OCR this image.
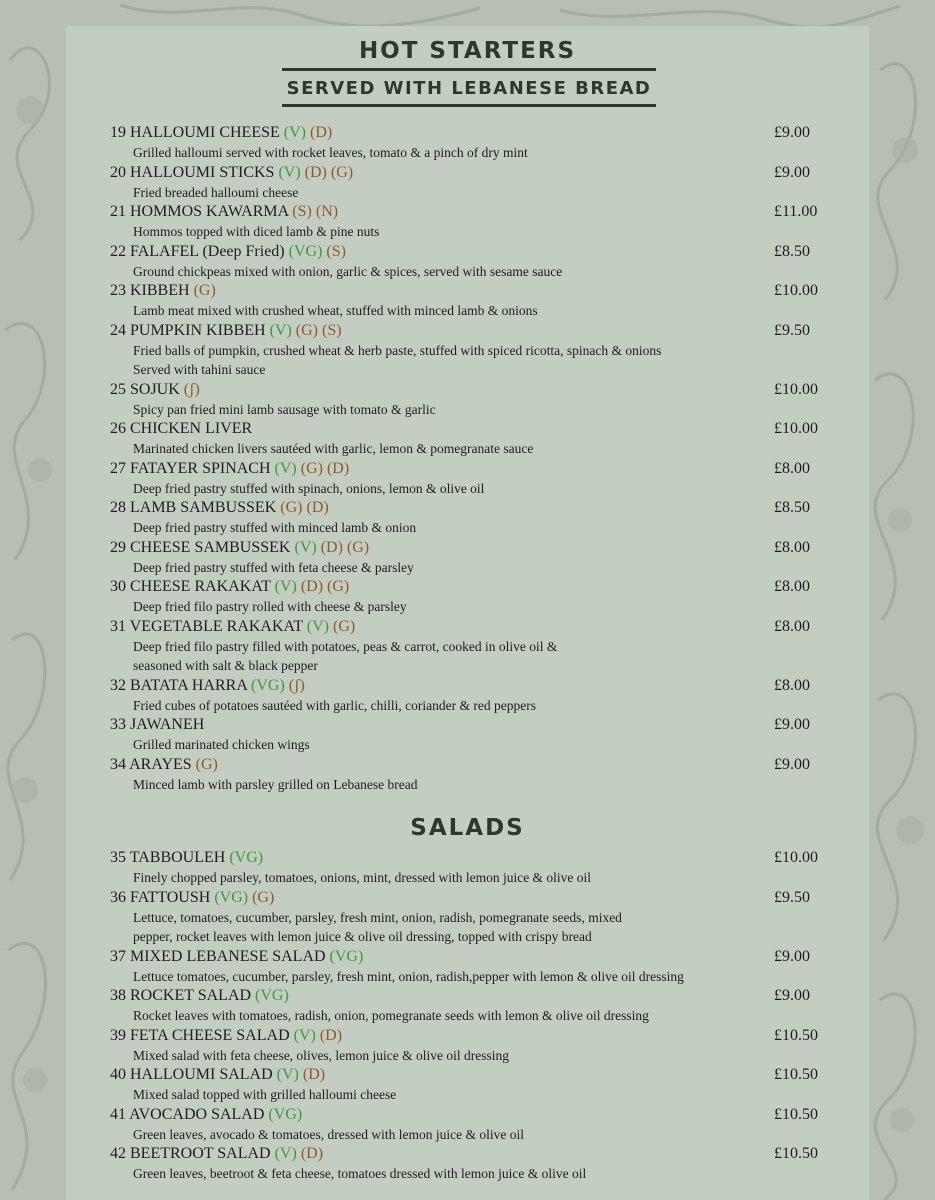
HOT STARTERS
SERVED WITH LEBANESE BREAD
19 HALLOUMI CHEESE (V) (D)	£9.00
Grilled halloumi served with rocket leaves, tomato & a pinch of dry mint
20 HALLOUMI STICKS (V) (D) (G)	£9.00
Fried breaded halloumi cheese
21 HOMMOS KAWARMA (S) (N)	£11.00
Hommos topped with diced lamb & pine nuts
22 FALAFEL (Deep Fried) (VG) (S)	£8.50
Ground chickpeas mixed with onion, garlic & spices, served with sesame sauce
23 KIBBEH (G)	£10.00
Lamb meat mixed with crushed wheat, stuffed with minced lamb & onions
24 PUMPKIN KIBBEH (V) (G) (S)	£9.50
Fried balls of pumpkin, crushed wheat & herb paste, stuffed with spiced ricotta, spinach & onions
Served with tahini sauce
25 SOJUK (ʃ)	£10.00
Spicy pan fried mini lamb sausage with tomato & garlic
26 CHICKEN LIVER	£10.00
Marinated chicken livers sautéed with garlic, lemon & pomegranate sauce
27 FATAYER SPINACH (V) (G) (D)	£8.00
Deep fried pastry stuffed with spinach, onions, lemon & olive oil
28 LAMB SAMBUSSEK (G) (D)	£8.50
Deep fried pastry stuffed with minced lamb & onion
29 CHEESE SAMBUSSEK (V) (D) (G)	£8.00
Deep fried pastry stuffed with feta cheese & parsley
30 CHEESE RAKAKAT (V) (D) (G)	£8.00
Deep fried filo pastry rolled with cheese & parsley
31 VEGETABLE RAKAKAT (V) (G)	£8.00
Deep fried filo pastry filled with potatoes, peas & carrot, cooked in olive oil &
seasoned with salt & black pepper
32 BATATA HARRA (VG) (ʃ)	£8.00
Fried cubes of potatoes sautéed with garlic, chilli, coriander & red peppers
33 JAWANEH	£9.00
Grilled marinated chicken wings
34 ARAYES (G)	£9.00
Minced lamb with parsley grilled on Lebanese bread
SALADS
35 TABBOULEH (VG)	£10.00
Finely chopped parsley, tomatoes, onions, mint, dressed with lemon juice & olive oil
36 FATTOUSH (VG) (G)	£9.50
Lettuce, tomatoes, cucumber, parsley, fresh mint, onion, radish, pomegranate seeds, mixed
pepper, rocket leaves with lemon juice & olive oil dressing, topped with crispy bread
37 MIXED LEBANESE SALAD (VG)	£9.00
Lettuce tomatoes, cucumber, parsley, fresh mint, onion, radish,pepper with lemon & olive oil dressing
38 ROCKET SALAD (VG)	£9.00
Rocket leaves with tomatoes, radish, onion, pomegranate seeds with lemon & olive oil dressing
39 FETA CHEESE SALAD (V) (D)	£10.50
Mixed salad with feta cheese, olives, lemon juice & olive oil dressing
40 HALLOUMI SALAD (V) (D)	£10.50
Mixed salad topped with grilled halloumi cheese
41 AVOCADO SALAD (VG)	£10.50
Green leaves, avocado & tomatoes, dressed with lemon juice & olive oil
42 BEETROOT SALAD (V) (D)	£10.50
Green leaves, beetroot & feta cheese, tomatoes dressed with lemon juice & olive oil
